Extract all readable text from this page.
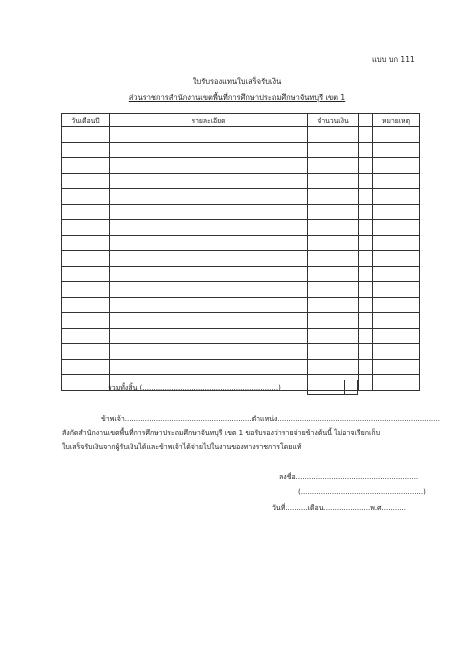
แบบ บก 111
ใบรับรองแทนใบเสร็จรับเงิน
ส่วนราชการสำนักงานเขตพื้นที่การศึกษาประถมศึกษาจันทบุรี เขต 1
วันเดือนปี	รายละเอียด	จำนวนเงิน		หมายเหตุ

รวมทั้งสิ้น (.............................................................)
ข้าพเจ้า.........................................................ตำแหน่ง.........................................................................
สังกัดสำนักงานเขตพื้นที่การศึกษาประถมศึกษาจันทบุรี เขต 1 ขอรับรองว่ารายจ่ายข้างต้นนี้ ไม่อาจเรียกเก็บ
ใบเสร็จรับเงินจากผู้รับเงินได้และข้าพเจ้าได้จ่ายไปในงานของทางราชการโดยแท้
ลงชื่อ.......................................................
(.......................................................)
วันที่..........เดือน.....................พ.ศ...........
